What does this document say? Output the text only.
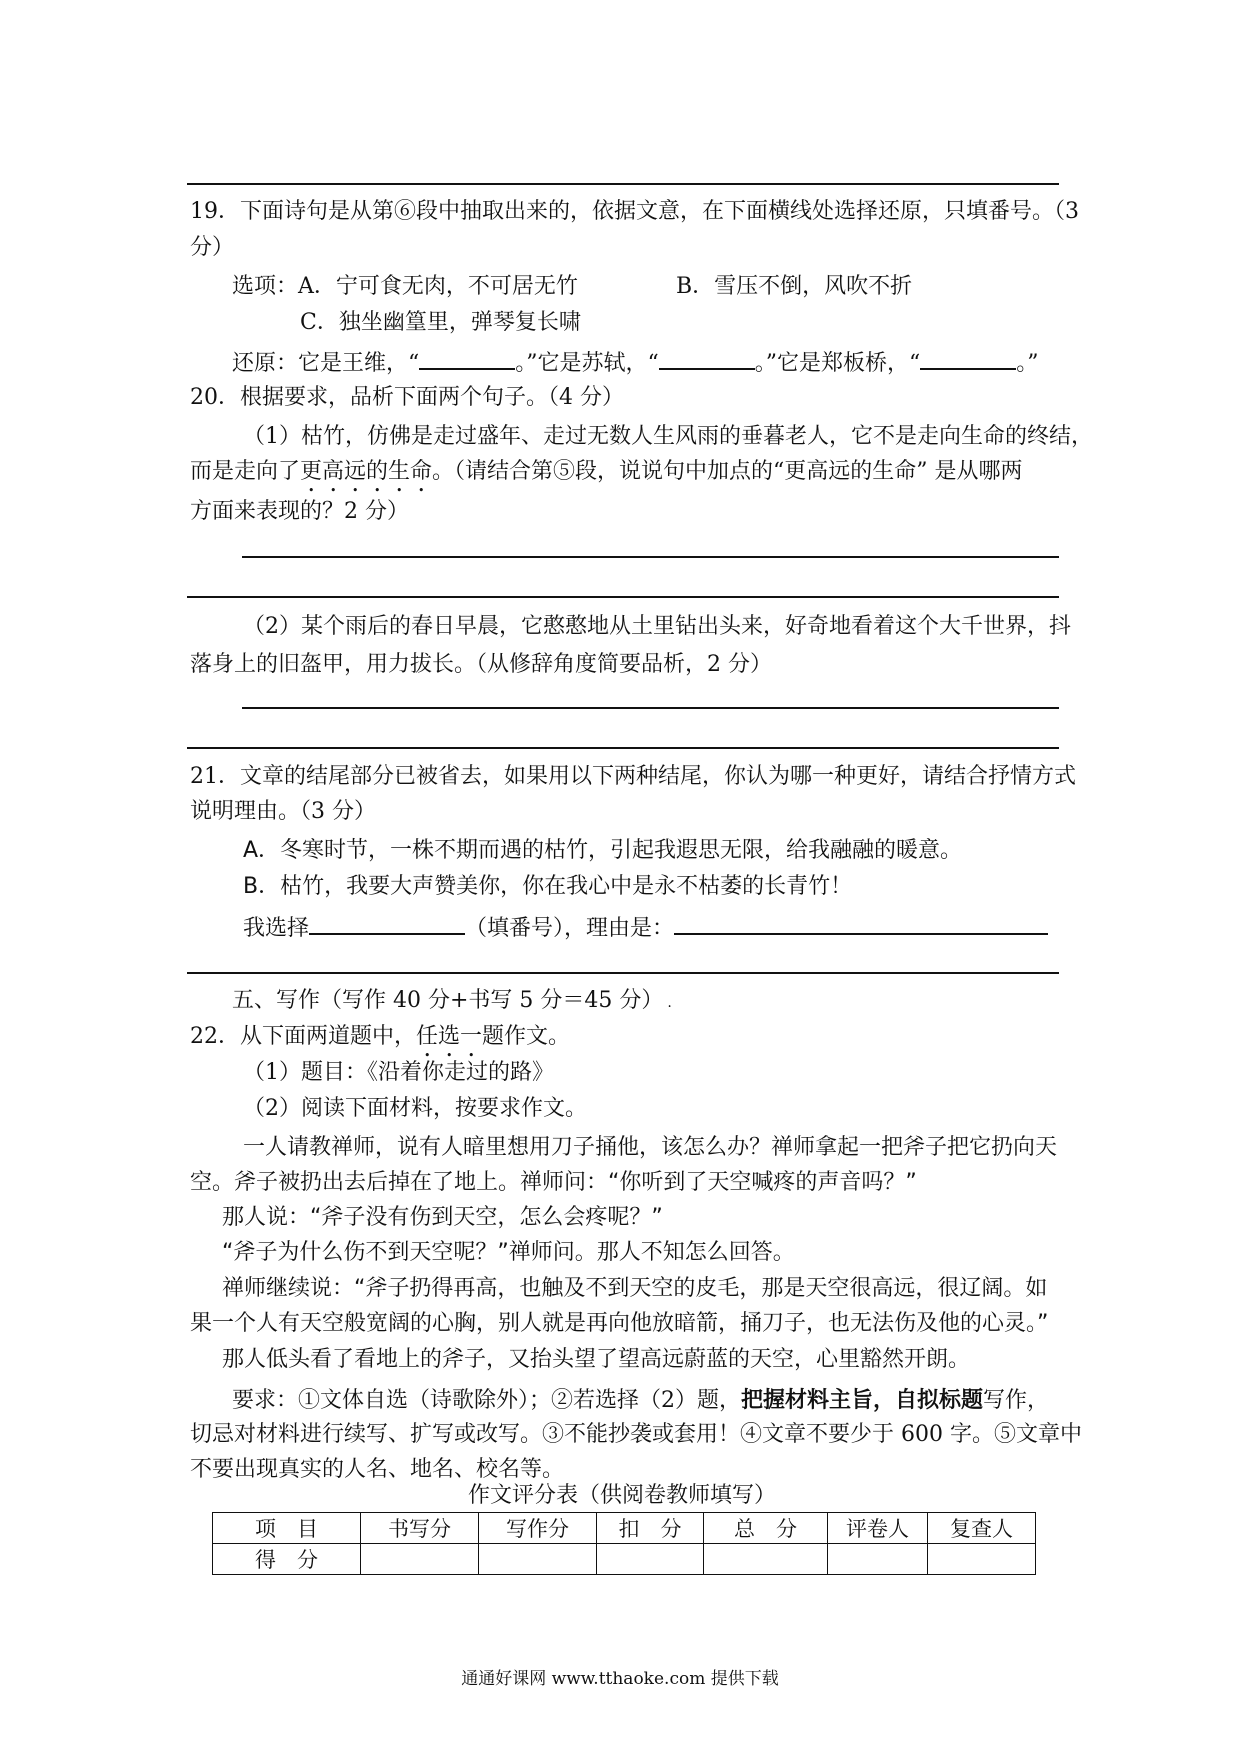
19．下面诗句是从第⑥段中抽取出来的，依据文意，在下面横线处选择还原，只填番号。（3
分）
选项：A．宁可食无肉，不可居无竹	B．雪压不倒，风吹不折
C．独坐幽篁里，弹琴复长啸
还原：它是王维，“	。”它是苏轼，“	。”它是郑板桥，“	。”
20．根据要求，品析下面两个句子。（4 分）
（1）枯竹，仿佛是走过盛年、走过无数人生风雨的垂暮老人，它不是走向生命的终结，
而是走向了更高远的生命。（请结合第⑤段，说说句中加点的“更高远的生命” 是从哪两
方面来表现的？2 分）
（2）某个雨后的春日早晨，它憨憨地从土里钻出头来，好奇地看着这个大千世界，抖
落身上的旧盔甲，用力拔长。（从修辞角度简要品析，2 分）
21．文章的结尾部分已被省去，如果用以下两种结尾，你认为哪一种更好，请结合抒情方式
说明理由。（3 分）
A．冬寒时节，一株不期而遇的枯竹，引起我遐思无限，给我融融的暖意。
B．枯竹，我要大声赞美你，你在我心中是永不枯萎的长青竹！
我选择	（填番号），理由是：
五、写作（写作 40 分+书写 5 分＝45 分） .
22．从下面两道题中，任选一题作文。
（1）题目：《沿着你走过的路》
（2）阅读下面材料，按要求作文。
一人请教禅师，说有人暗里想用刀子捅他，该怎么办？禅师拿起一把斧子把它扔向天
空。斧子被扔出去后掉在了地上。禅师问：“你听到了天空喊疼的声音吗？”
那人说：“斧子没有伤到天空，怎么会疼呢？”
“斧子为什么伤不到天空呢？”禅师问。那人不知怎么回答。
禅师继续说：“斧子扔得再高，也触及不到天空的皮毛，那是天空很高远，很辽阔。如
果一个人有天空般宽阔的心胸，别人就是再向他放暗箭，捅刀子，也无法伤及他的心灵。”
那人低头看了看地上的斧子，又抬头望了望高远蔚蓝的天空，心里豁然开朗。
要求：①文体自选（诗歌除外）；②若选择（2）题，把握材料主旨，自拟标题写作，
切忌对材料进行续写、扩写或改写。③不能抄袭或套用！④文章不要少于 600 字。⑤文章中
不要出现真实的人名、地名、校名等。
作文评分表（供阅卷教师填写）
项　目	书写分	写作分	扣　分	总　分	评卷人	复查人
得　分						
通通好课网 www.tthaoke.com 提供下载
